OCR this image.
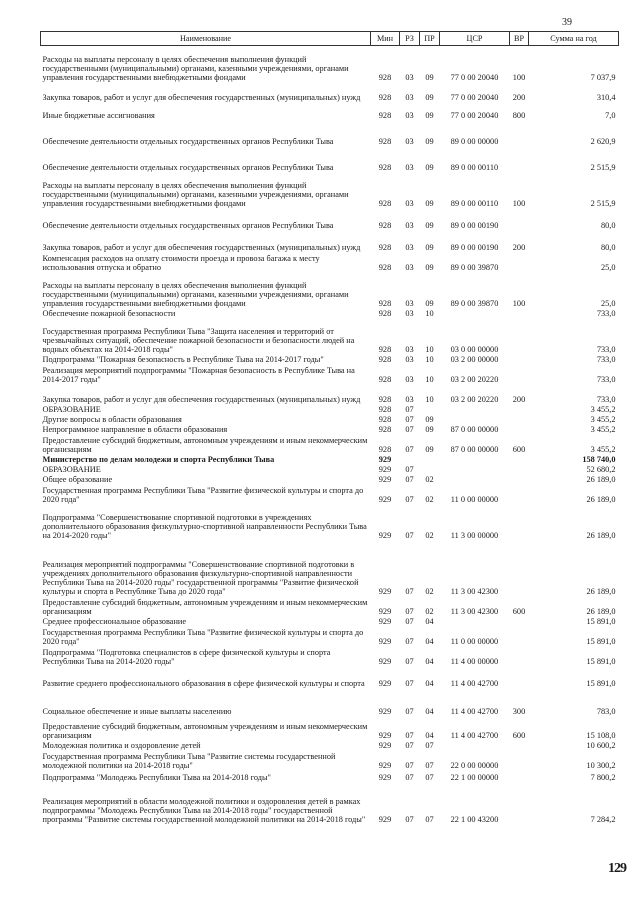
39
Наименование	Мин	РЗ	ПР	ЦСР	ВР	Сумма на год
Расходы на выплаты персоналу в целях обеспечения выполнения функций государственными (муниципальными) органами, казенными учреждениями, органами управления государственными внебюджетными фондами	928	03	09	77 0 00 20040	100	7 037,9
Закупка товаров, работ и услуг для обеспечения государственных (муниципальных) нужд	928	03	09	77 0 00 20040	200	310,4
Иные бюджетные ассигнования	928	03	09	77 0 00 20040	800	7,0
Обеспечение деятельности отдельных государственных органов Республики Тыва	928	03	09	89 0 00 00000		2 620,9
Обеспечение деятельности отдельных государственных органов Республики Тыва	928	03	09	89 0 00 00110		2 515,9
Расходы на выплаты персоналу в целях обеспечения выполнения функций государственными (муниципальными) органами, казенными учреждениями, органами управления государственными внебюджетными фондами	928	03	09	89 0 00 00110	100	2 515,9
Обеспечение деятельности отдельных государственных органов Республики Тыва	928	03	09	89 0 00 00190		80,0
Закупка товаров, работ и услуг для обеспечения государственных (муниципальных) нужд	928	03	09	89 0 00 00190	200	80,0
Компенсация расходов на оплату стоимости проезда и провоза багажа к месту использования отпуска и обратно	928	03	09	89 0 00 39870		25,0
Расходы на выплаты персоналу в целях обеспечения выполнения функций государственными (муниципальными) органами, казенными учреждениями, органами управления государственными внебюджетными фондами	928	03	09	89 0 00 39870	100	25,0
Обеспечение пожарной безопасности	928	03	10			733,0
Государственная программа Республики Тыва "Защита населения и территорий от чрезвычайных ситуаций, обеспечение пожарной безопасности и безопасности людей на водных объектах на 2014-2018 годы"	928	03	10	03 0 00 00000		733,0
Подпрограмма "Пожарная безопасность в Республике Тыва на 2014-2017 годы"	928	03	10	03 2 00 00000		733,0
Реализация мероприятий подпрограммы "Пожарная безопасность в Республике Тыва на 2014-2017 годы"	928	03	10	03 2 00 20220		733,0
Закупка товаров, работ и услуг для обеспечения государственных (муниципальных) нужд	928	03	10	03 2 00 20220	200	733,0
ОБРАЗОВАНИЕ	928	07				3 455,2
Другие вопросы в области образования	928	07	09			3 455,2
Непрограммное направление в области образования	928	07	09	87 0 00 00000		3 455,2
Предоставление субсидий бюджетным, автономным учреждениям и иным некоммерческим организациям	928	07	09	87 0 00 00000	600	3 455,2
Министерство по делам молодежи и спорта Республики Тыва	929					158 740,0
ОБРАЗОВАНИЕ	929	07				52 680,2
Общее образование	929	07	02			26 189,0
Государственная программа Республики Тыва "Развитие физической культуры и спорта до 2020 года"	929	07	02	11 0 00 00000		26 189,0
Подпрограмма "Совершенствование спортивной подготовки в учреждениях дополнительного образования физкультурно-спортивной направленности Республики Тыва на 2014-2020 годы"	929	07	02	11 3 00 00000		26 189,0
Реализация мероприятий подпрограммы "Совершенствование спортивной подготовки в учреждениях дополнительного образования физкультурно-спортивной направленности Республики Тыва на 2014-2020 годы" государственной программы "Развитие физической культуры и спорта в Республике Тыва до 2020 года"	929	07	02	11 3 00 42300		26 189,0
Предоставление субсидий бюджетным, автономным учреждениям и иным некоммерческим организациям	929	07	02	11 3 00 42300	600	26 189,0
Среднее профессиональное образование	929	07	04			15 891,0
Государственная программа Республики Тыва "Развитие физической культуры и спорта до 2020 года"	929	07	04	11 0 00 00000		15 891,0
Подпрограмма "Подготовка специалистов в сфере физической культуры и спорта Республики Тыва на 2014-2020 годы"	929	07	04	11 4 00 00000		15 891,0
Развитие среднего профессионального образования в сфере физической культуры и спорта	929	07	04	11 4 00 42700		15 891,0
Социальное обеспечение и иные выплаты населению	929	07	04	11 4 00 42700	300	783,0
Предоставление субсидий бюджетным, автономным учреждениям и иным некоммерческим организациям	929	07	04	11 4 00 42700	600	15 108,0
Молодежная политика и оздоровление детей	929	07	07			10 600,2
Государственная программа Республики Тыва "Развитие системы государственной молодежной политики на 2014-2018 годы"	929	07	07	22 0 00 00000		10 300,2
Подпрограмма "Молодежь Республики Тыва на 2014-2018 годы"	929	07	07	22 1 00 00000		7 800,2
Реализация мероприятий в области молодежной политики и оздоровления детей в рамках подпрограммы "Молодежь Республики Тыва на 2014-2018 годы" государственной программы "Развитие системы государственной молодежной политики на 2014-2018 годы"	929	07	07	22 1 00 43200		7 284,2
129
